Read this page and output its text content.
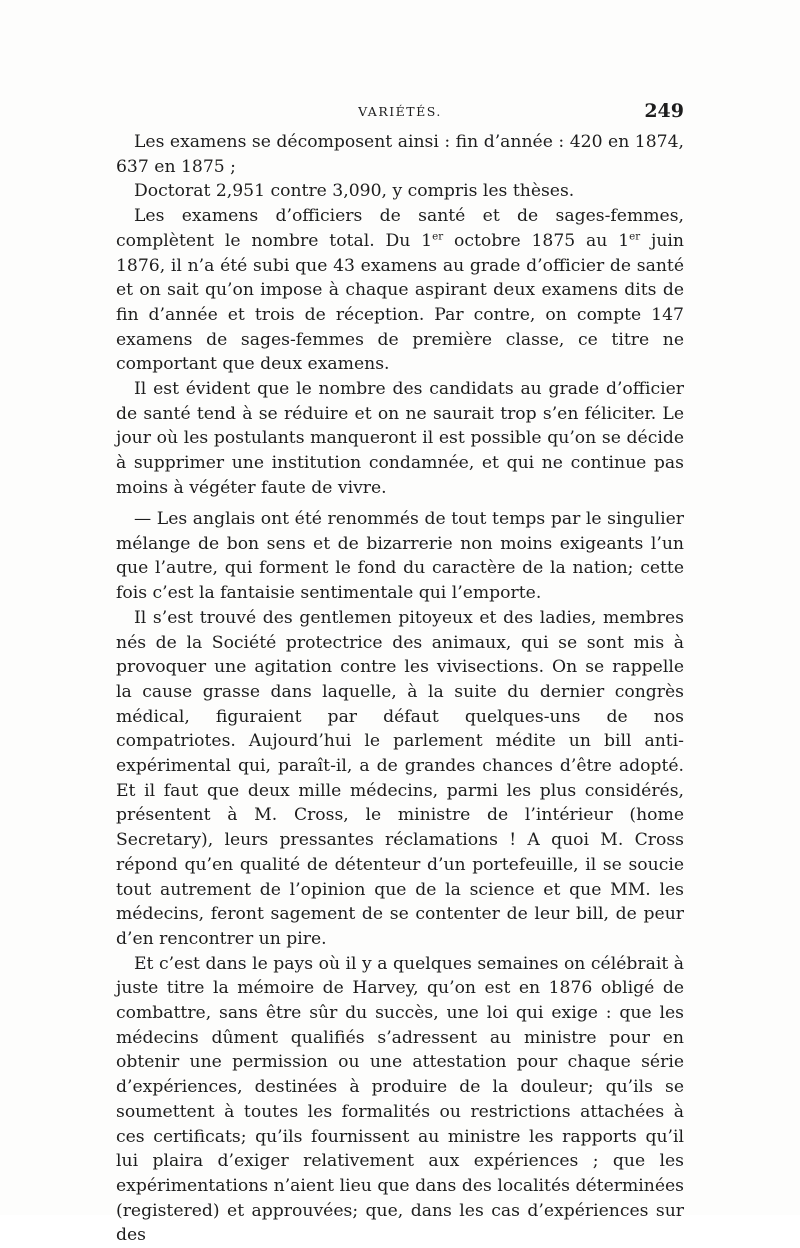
VARIÉTÉS.	249

Les examens se décomposent ainsi : fin d’année : 420 en 1874, 637 en 1875 ;

Doctorat 2,951 contre 3,090, y compris les thèses.

Les examens d’officiers de santé et de sages-femmes, complètent le nombre total. Du 1er octobre 1875 au 1er juin 1876, il n’a été subi que 43 examens au grade d’officier de santé et on sait qu’on impose à chaque aspirant deux examens dits de fin d’année et trois de réception. Par contre, on compte 147 examens de sages-femmes de première classe, ce titre ne comportant que deux examens.

Il est évident que le nombre des candidats au grade d’officier de santé tend à se réduire et on ne saurait trop s’en féliciter. Le jour où les postulants manqueront il est possible qu’on se décide à supprimer une institution condamnée, et qui ne continue pas moins à végéter faute de vivre.

— Les anglais ont été renommés de tout temps par le singulier mélange de bon sens et de bizarrerie non moins exigeants l’un que l’autre, qui forment le fond du caractère de la nation; cette fois c’est la fantaisie sentimentale qui l’emporte.

Il s’est trouvé des gentlemen pitoyeux et des ladies, membres nés de la Société protectrice des animaux, qui se sont mis à provoquer une agitation contre les vivisections. On se rappelle la cause grasse dans laquelle, à la suite du dernier congrès médical, figuraient par défaut quelques-uns de nos compatriotes. Aujourd’hui le parlement médite un bill anti-expérimental qui, paraît-il, a de grandes chances d’être adopté. Et il faut que deux mille médecins, parmi les plus considérés, présentent à M. Cross, le ministre de l’intérieur (home Secretary), leurs pressantes réclamations ! A quoi M. Cross répond qu’en qualité de détenteur d’un portefeuille, il se soucie tout autrement de l’opinion que de la science et que MM. les médecins, feront sagement de se contenter de leur bill, de peur d’en rencontrer un pire.

Et c’est dans le pays où il y a quelques semaines on célébrait à juste titre la mémoire de Harvey, qu’on est en 1876 obligé de combattre, sans être sûr du succès, une loi qui exige : que les médecins dûment qualifiés s’adressent au ministre pour en obtenir une permission ou une attestation pour chaque série d’expériences, destinées à produire de la douleur; qu’ils se soumettent à toutes les formalités ou restrictions attachées à ces certificats; qu’ils fournissent au ministre les rapports qu’il lui plaira d’exiger relativement aux expériences ; que les expérimentations n’aient lieu que dans des localités déterminées (registered) et approuvées; que, dans les cas d’expériences sur des
